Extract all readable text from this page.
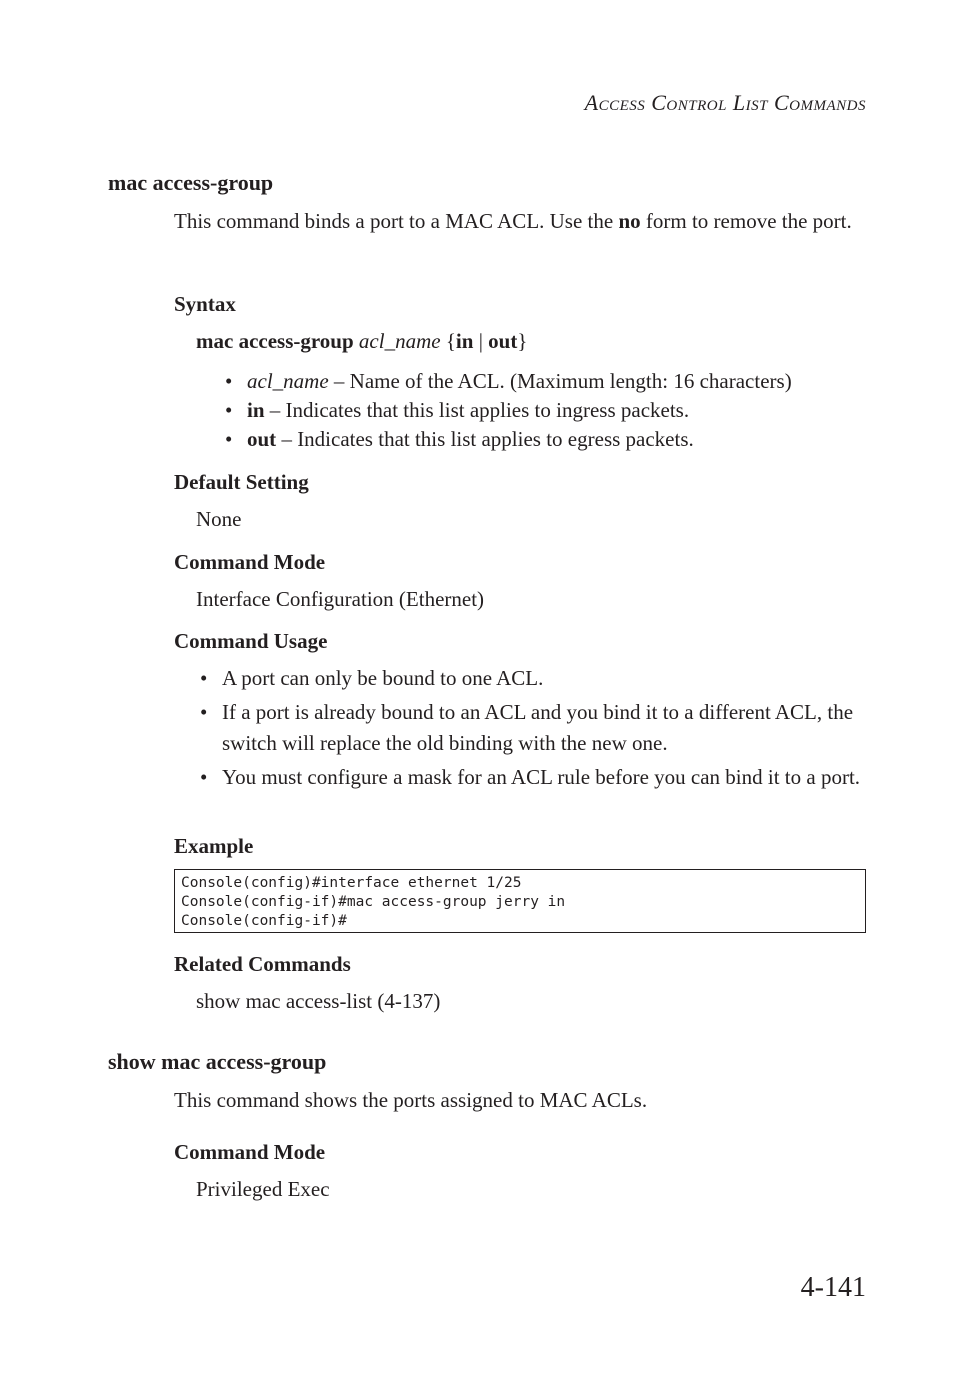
Access Control List Commands
mac access-group
This command binds a port to a MAC ACL. Use the no form to remove the port.
Syntax
mac access-group acl_name {in | out}
• acl_name – Name of the ACL. (Maximum length: 16 characters)
• in – Indicates that this list applies to ingress packets.
• out – Indicates that this list applies to egress packets.
Default Setting
None
Command Mode
Interface Configuration (Ethernet)
Command Usage
• A port can only be bound to one ACL.
• If a port is already bound to an ACL and you bind it to a different ACL, the switch will replace the old binding with the new one.
• You must configure a mask for an ACL rule before you can bind it to a port.
Example
Console(config)#interface ethernet 1/25
Console(config-if)#mac access-group jerry in
Console(config-if)#
Related Commands
show mac access-list (4-137)
show mac access-group
This command shows the ports assigned to MAC ACLs.
Command Mode
Privileged Exec
4-141
